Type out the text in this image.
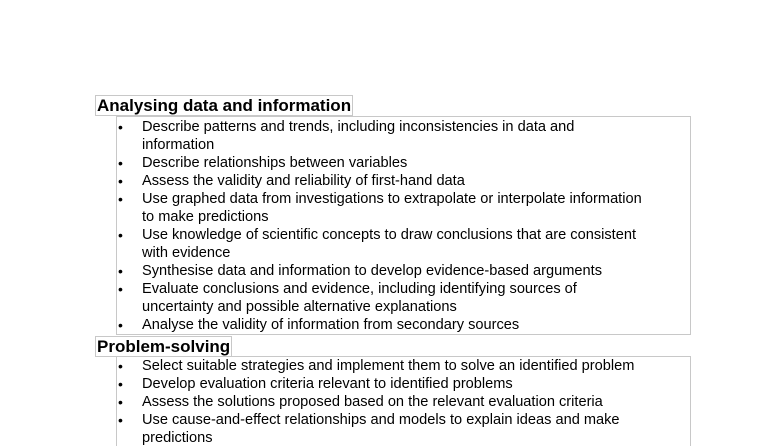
Analysing data and information
• Describe patterns and trends, including inconsistencies in data and
information
• Describe relationships between variables
• Assess the validity and reliability of first-hand data
• Use graphed data from investigations to extrapolate or interpolate information
to make predictions
• Use knowledge of scientific concepts to draw conclusions that are consistent
with evidence
• Synthesise data and information to develop evidence-based arguments
• Evaluate conclusions and evidence, including identifying sources of
uncertainty and possible alternative explanations
• Analyse the validity of information from secondary sources
Problem-solving
• Select suitable strategies and implement them to solve an identified problem
• Develop evaluation criteria relevant to identified problems
• Assess the solutions proposed based on the relevant evaluation criteria
• Use cause-and-effect relationships and models to explain ideas and make
predictions
